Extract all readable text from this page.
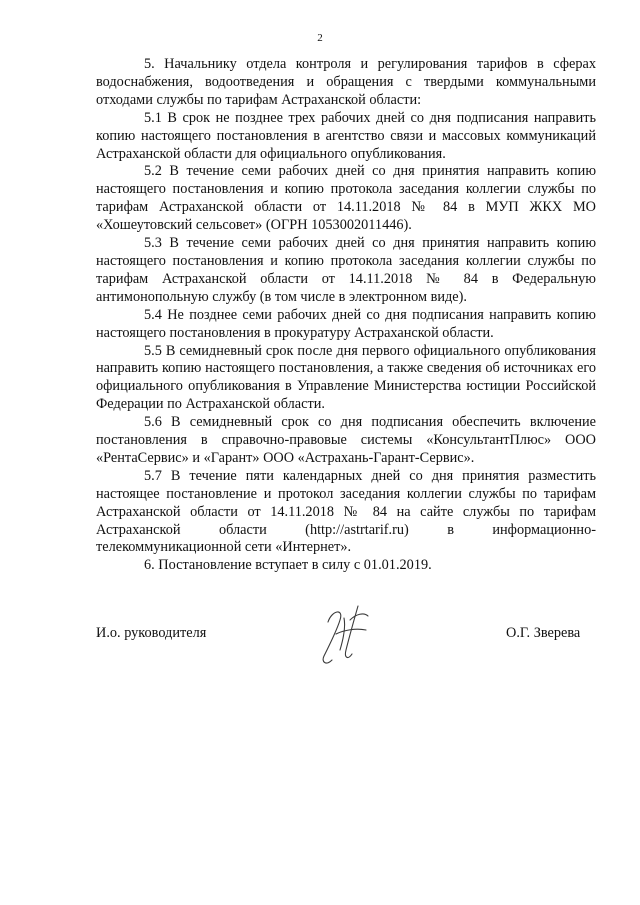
2

5. Начальнику отдела контроля и регулирования тарифов в сферах водоснабжения, водоотведения и обращения с твердыми коммунальными отходами службы по тарифам Астраханской области:

5.1 В срок не позднее трех рабочих дней со дня подписания направить копию настоящего постановления в агентство связи и массовых коммуникаций Астраханской области для официального опубликования.

5.2 В течение семи рабочих дней со дня принятия направить копию настоящего постановления и копию протокола заседания коллегии службы по тарифам Астраханской области от 14.11.2018 № 84 в МУП ЖКХ МО «Хошеутовский сельсовет» (ОГРН 1053002011446).

5.3 В течение семи рабочих дней со дня принятия направить копию настоящего постановления и копию протокола заседания коллегии службы по тарифам Астраханской области от 14.11.2018 № 84 в Федеральную антимонопольную службу (в том числе в электронном виде).

5.4 Не позднее семи рабочих дней со дня подписания направить копию настоящего постановления в прокуратуру Астраханской области.

5.5 В семидневный срок после дня первого официального опубликования направить копию настоящего постановления, а также сведения об источниках его официального опубликования в Управление Министерства юстиции Российской Федерации по Астраханской области.

5.6 В семидневный срок со дня подписания обеспечить включение постановления в справочно-правовые системы «КонсультантПлюс» ООО «РентаСервис» и «Гарант» ООО «Астрахань-Гарант-Сервис».

5.7 В течение пяти календарных дней со дня принятия разместить настоящее постановление и протокол заседания коллегии службы по тарифам Астраханской области от 14.11.2018 № 84 на сайте службы по тарифам Астраханской области (http://astrtarif.ru) в информационно-телекоммуникационной сети «Интернет».

6. Постановление вступает в силу с 01.01.2019.

И.о. руководителя	О.Г. Зверева
